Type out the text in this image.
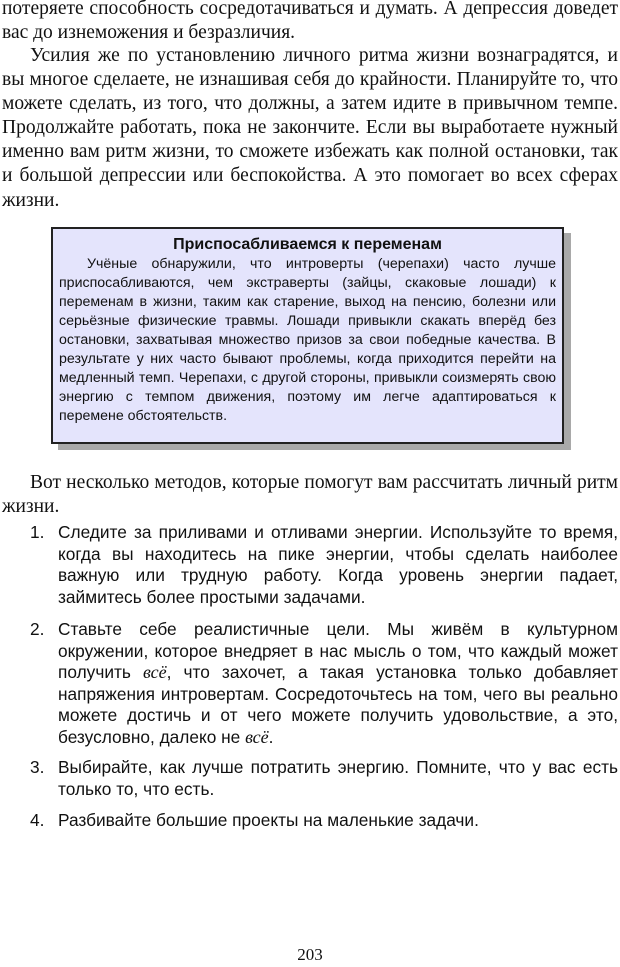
потеряете способность сосредотачиваться и думать. А депрессия доведет вас до изнеможения и безразличия.

Усилия же по установлению личного ритма жизни вознаградятся, и вы многое сделаете, не изнашивая себя до крайности. Планируйте то, что можете сделать, из того, что должны, а затем идите в привычном темпе. Продолжайте работать, пока не закончите. Если вы выработаете нужный именно вам ритм жизни, то сможете избежать как полной остановки, так и большой депрессии или беспокойства. А это помогает во всех сферах жизни.

Приспосабливаемся к переменам

Учёные обнаружили, что интроверты (черепахи) часто лучше приспосабливаются, чем экстраверты (зайцы, скаковые лошади) к переменам в жизни, таким как старение, выход на пенсию, болезни или серьёзные физические травмы. Лошади привыкли скакать вперёд без остановки, захватывая множество призов за свои победные качества. В результате у них часто бывают проблемы, когда приходится перейти на медленный темп. Черепахи, с другой стороны, привыкли соизмерять свою энергию с темпом движения, поэтому им легче адаптироваться к перемене обстоятельств.

Вот несколько методов, которые помогут вам рассчитать личный ритм жизни.

1. Следите за приливами и отливами энергии. Используйте то время, когда вы находитесь на пике энергии, чтобы сделать наиболее важную или трудную работу. Когда уровень энергии падает, займитесь более простыми задачами.
2. Ставьте себе реалистичные цели. Мы живём в культурном окружении, которое внедряет в нас мысль о том, что каждый может получить всё, что захочет, а такая установка только добавляет напряжения интровертам. Сосредоточьтесь на том, чего вы реально можете достичь и от чего можете получить удовольствие, а это, безусловно, далеко не всё.
3. Выбирайте, как лучше потратить энергию. Помните, что у вас есть только то, что есть.
4. Разбивайте большие проекты на маленькие задачи.
203
